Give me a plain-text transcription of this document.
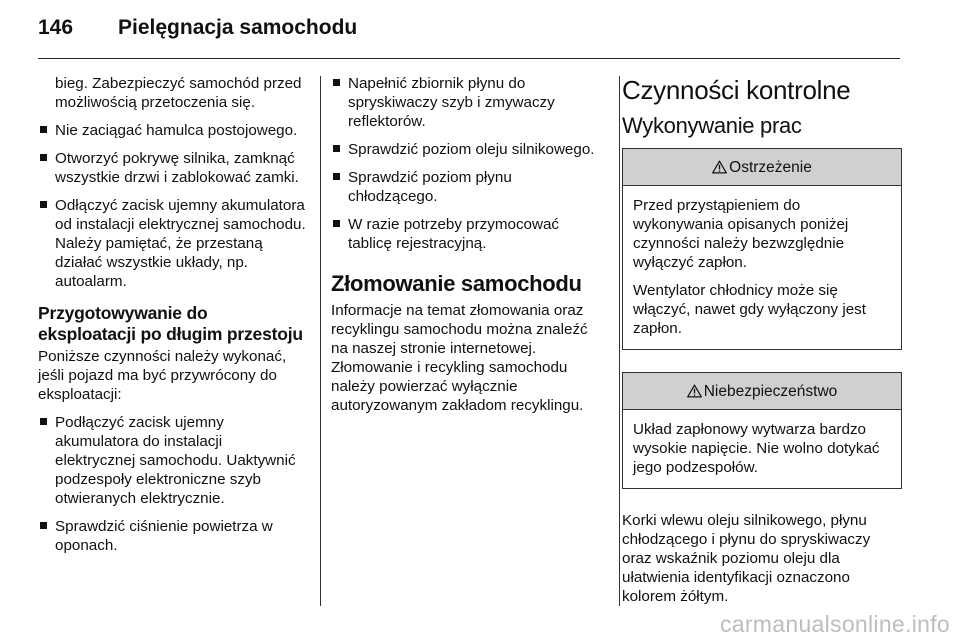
146 Pielęgnacja samochodu
bieg. Zabezpieczyć samochód przed możliwością przetoczenia się.
Nie zaciągać hamulca postojowego.
Otworzyć pokrywę silnika, zamknąć wszystkie drzwi i zablokować zamki.
Odłączyć zacisk ujemny akumulatora od instalacji elektrycznej samochodu. Należy pamiętać, że przestaną działać wszystkie układy, np. autoalarm.
Przygotowywanie do eksploatacji po długim przestoju

Poniższe czynności należy wykonać, jeśli pojazd ma być przywrócony do eksploatacji:

Podłączyć zacisk ujemny akumulatora do instalacji elektrycznej samochodu. Uaktywnić podzespoły elektroniczne szyb otwieranych elektrycznie.
Sprawdzić ciśnienie powietrza w oponach.
Napełnić zbiornik płynu do spryskiwaczy szyb i zmywaczy reflektorów.
Sprawdzić poziom oleju silnikowego.
Sprawdzić poziom płynu chłodzącego.
W razie potrzeby przymocować tablicę rejestracyjną.
Złomowanie samochodu

Informacje na temat złomowania oraz recyklingu samochodu można znaleźć na naszej stronie internetowej. Złomowanie i recykling samochodu należy powierzać wyłącznie autoryzowanym zakładom recyklingu.

Czynności kontrolne
Wykonywanie prac
Ostrzeżenie

Przed przystąpieniem do wykonywania opisanych poniżej czynności należy bezwzględnie wyłączyć zapłon.

Wentylator chłodnicy może się włączyć, nawet gdy wyłączony jest zapłon.

Niebezpieczeństwo

Układ zapłonowy wytwarza bardzo wysokie napięcie. Nie wolno dotykać jego podzespołów.

Korki wlewu oleju silnikowego, płynu chłodzącego i płynu do spryskiwaczy oraz wskaźnik poziomu oleju dla ułatwienia identyfikacji oznaczono kolorem żółtym.

carmanualsonline.info
